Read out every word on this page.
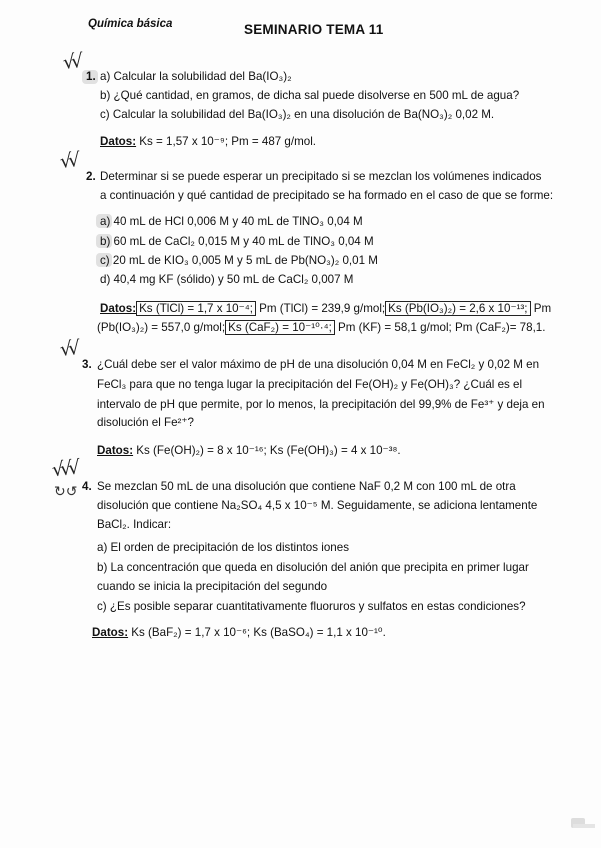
Química básica	SEMINARIO TEMA 11
√√
√√
√√
√√√
↻↺
1. a) Calcular la solubilidad del Ba(IO₃)₂
b) ¿Qué cantidad, en gramos, de dicha sal puede disolverse en 500 mL de agua?
c) Calcular la solubilidad del Ba(IO₃)₂ en una disolución de Ba(NO₃)₂ 0,02 M.
Datos: Ks = 1,57 x 10⁻⁹; Pm = 487 g/mol.
2. Determinar si se puede esperar un precipitado si se mezclan los volúmenes indicados
a continuación y qué cantidad de precipitado se ha formado en el caso de que se forme:
a) 40 mL de HCl 0,006 M y 40 mL de TlNO₃ 0,04 M
b) 60 mL de CaCl₂ 0,015 M y 40 mL de TlNO₃ 0,04 M
c) 20 mL de KIO₃ 0,005 M y 5 mL de Pb(NO₃)₂ 0,01 M
d) 40,4 mg KF (sólido) y 50 mL de CaCl₂ 0,007 M
Datos: Ks (TlCl) = 1,7 x 10⁻⁴; Pm (TlCl) = 239,9 g/mol; Ks (Pb(IO₃)₂) = 2,6 x 10⁻¹³; Pm
(Pb(IO₃)₂) = 557,0 g/mol; Ks (CaF₂) = 10⁻¹⁰·⁴; Pm (KF) = 58,1 g/mol; Pm (CaF₂)= 78,1.
3. ¿Cuál debe ser el valor máximo de pH de una disolución 0,04 M en FeCl₂ y 0,02 M en
FeCl₃ para que no tenga lugar la precipitación del Fe(OH)₂ y Fe(OH)₃? ¿Cuál es el
intervalo de pH que permite, por lo menos, la precipitación del 99,9% de Fe³⁺ y deja en
disolución el Fe²⁺?
Datos: Ks (Fe(OH)₂) = 8 x 10⁻¹⁶; Ks (Fe(OH)₃) = 4 x 10⁻³⁸.
4. Se mezclan 50 mL de una disolución que contiene NaF 0,2 M con 100 mL de otra
disolución que contiene Na₂SO₄ 4,5 x 10⁻⁵ M. Seguidamente, se adiciona lentamente
BaCl₂. Indicar:
a) El orden de precipitación de los distintos iones
b) La concentración que queda en disolución del anión que precipita en primer lugar
cuando se inicia la precipitación del segundo
c) ¿Es posible separar cuantitativamente fluoruros y sulfatos en estas condiciones?
Datos: Ks (BaF₂) = 1,7 x 10⁻⁶; Ks (BaSO₄) = 1,1 x 10⁻¹⁰.
